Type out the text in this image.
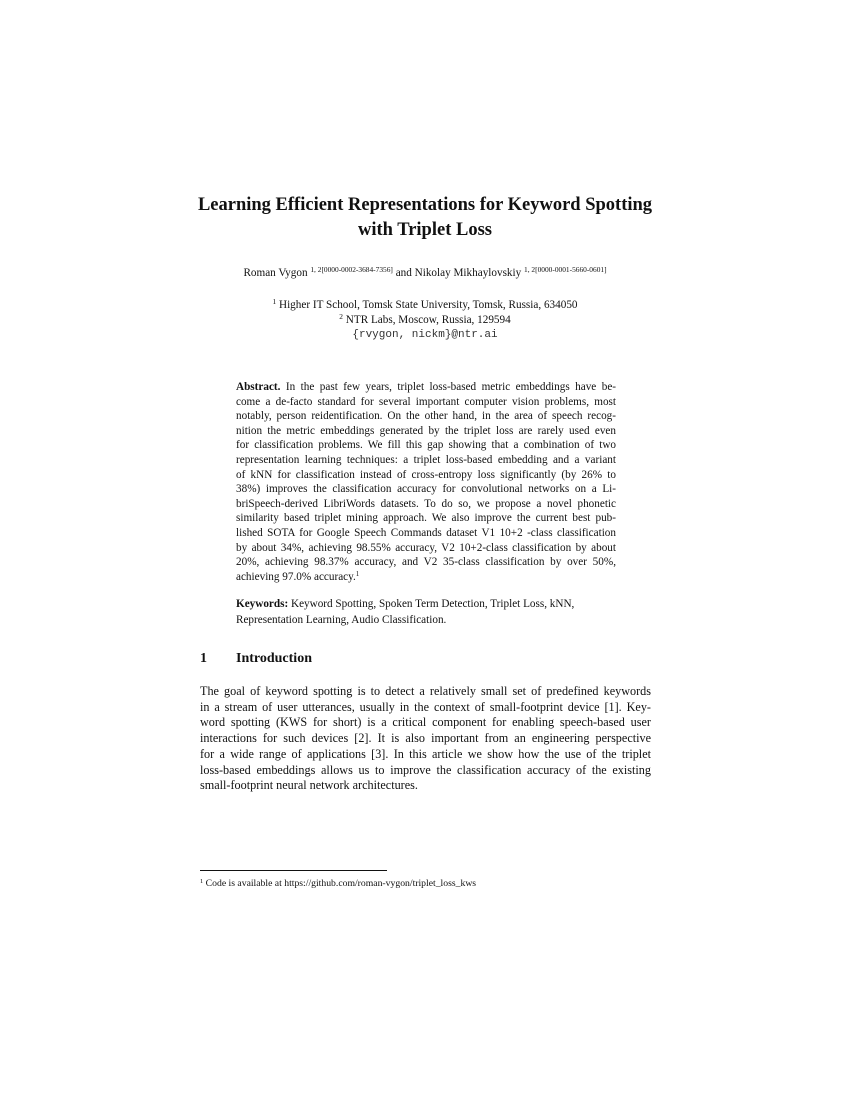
Learning Efficient Representations for Keyword Spotting
with Triplet Loss
Roman Vygon $^{1, 2[0000-0002-3684-7356]}$ and Nikolay Mikhaylovskiy $^{1, 2[0000-0001-5660-0601]}$
$^1$ Higher IT School, Tomsk State University, Tomsk, Russia, 634050
$^2$ NTR Labs, Moscow, Russia, 129594
{rvygon, nickm}@ntr.ai
Abstract. In the past few years, triplet loss-based metric embeddings have be-
come a de-facto standard for several important computer vision problems, most
notably, person reidentification. On the other hand, in the area of speech recog-
nition the metric embeddings generated by the triplet loss are rarely used even
for classification problems. We fill this gap showing that a combination of two
representation learning techniques: a triplet loss-based embedding and a variant
of kNN for classification instead of cross-entropy loss significantly (by 26% to
38%) improves the classification accuracy for convolutional networks on a Li-
briSpeech-derived LibriWords datasets. To do so, we propose a novel phonetic
similarity based triplet mining approach. We also improve the current best pub-
lished SOTA for Google Speech Commands dataset V1 10+2 -class classification
by about 34%, achieving 98.55% accuracy, V2 10+2-class classification by about
20%, achieving 98.37% accuracy, and V2 35-class classification by over 50%,
achieving 97.0% accuracy.$^1$
Keywords: Keyword Spotting, Spoken Term Detection, Triplet Loss, kNN,
Representation Learning, Audio Classification.
1 Introduction
The goal of keyword spotting is to detect a relatively small set of predefined keywords
in a stream of user utterances, usually in the context of small-footprint device [1]. Key-
word spotting (KWS for short) is a critical component for enabling speech-based user
interactions for such devices [2]. It is also important from an engineering perspective
for a wide range of applications [3]. In this article we show how the use of the triplet
loss-based embeddings allows us to improve the classification accuracy of the existing
small-footprint neural network architectures.
$^1$ Code is available at https://github.com/roman-vygon/triplet_loss_kws
